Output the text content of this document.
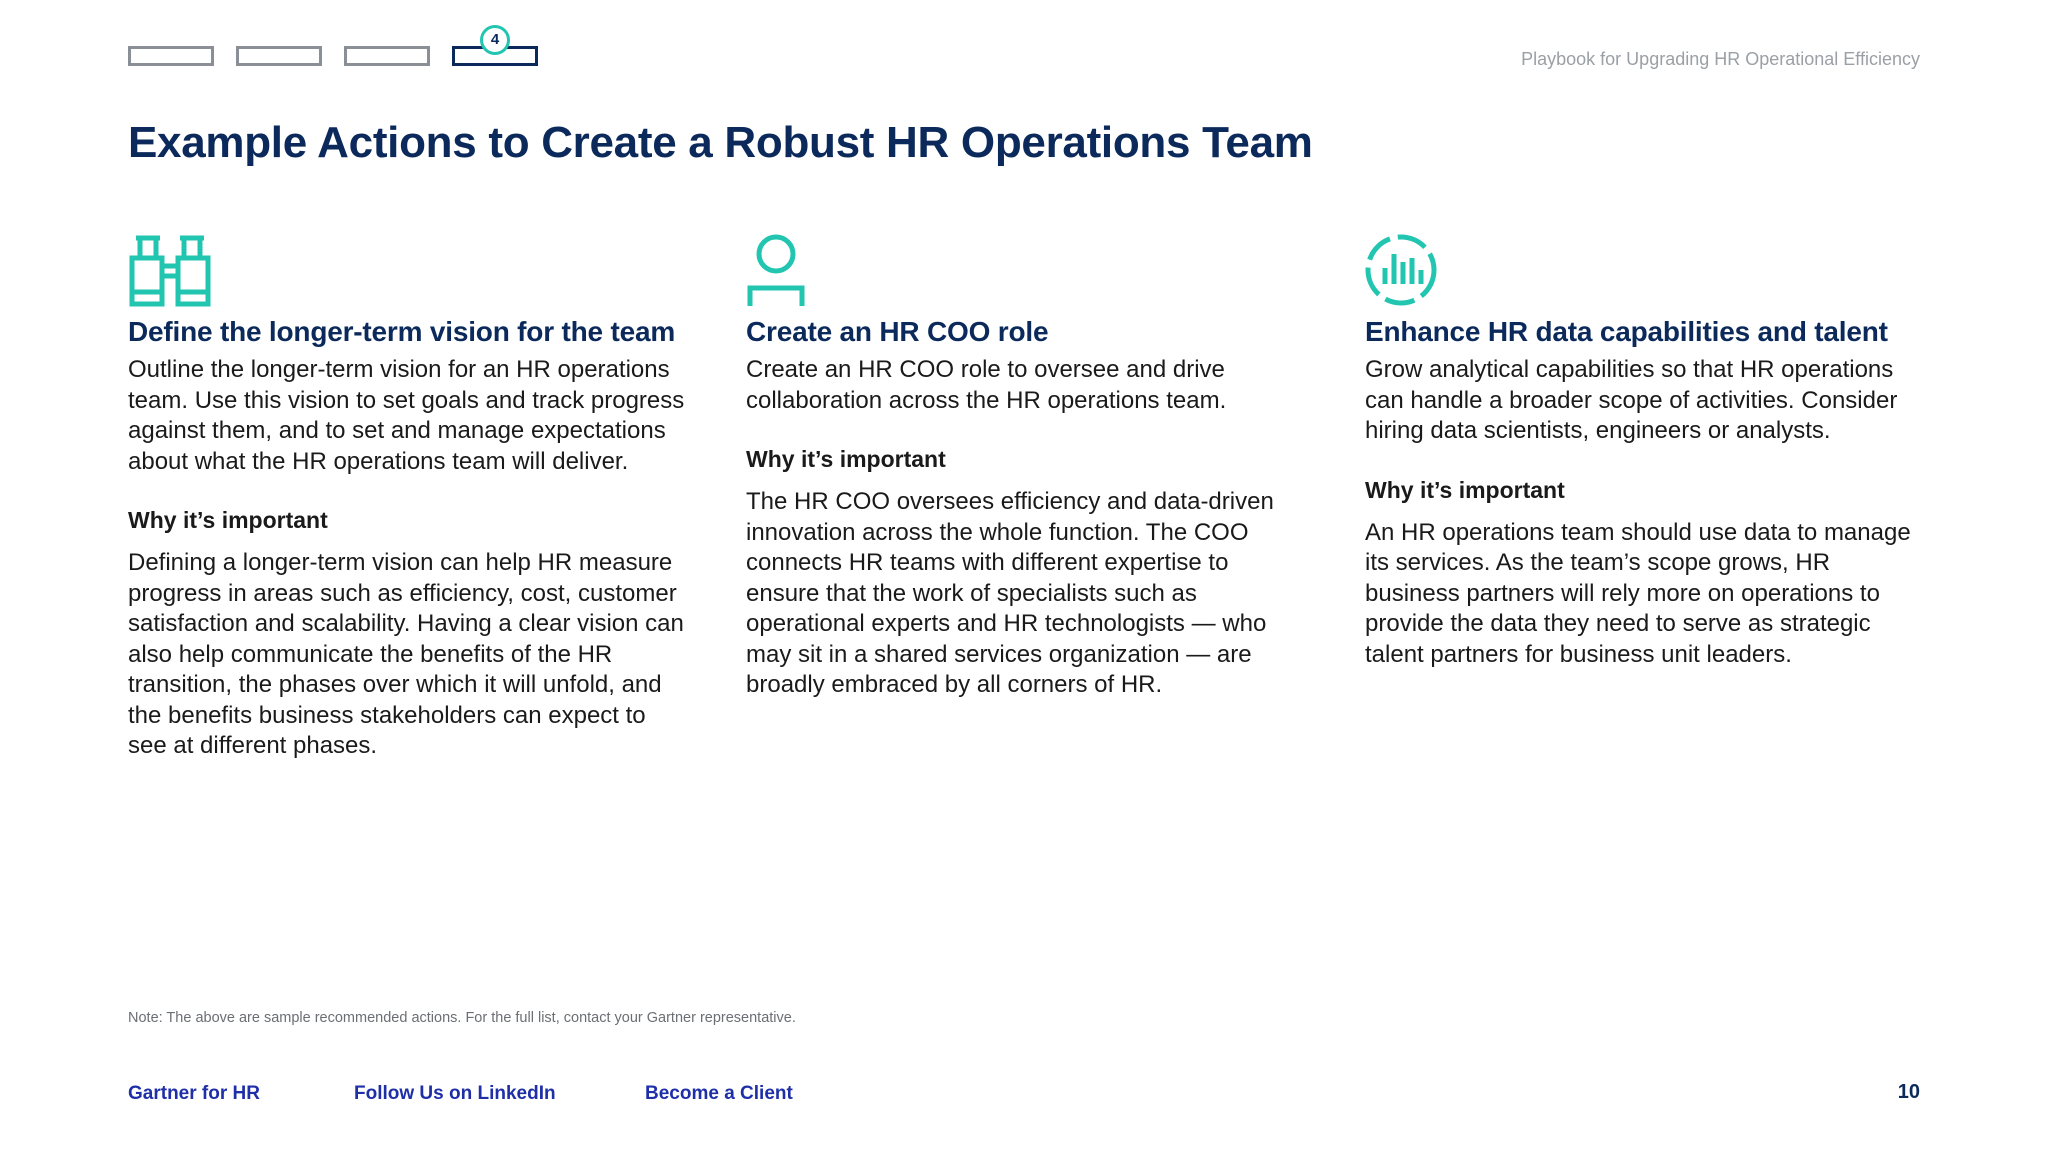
4
Playbook for Upgrading HR Operational Efficiency
Example Actions to Create a Robust HR Operations Team
Define the longer-term vision for the team

Outline the longer-term vision for an HR operations team. Use this vision to set goals and track progress against them, and to set and manage expectations about what the HR operations team will deliver.

Why it’s important

Defining a longer-term vision can help HR measure progress in areas such as efficiency, cost, customer satisfaction and scalability. Having a clear vision can also help communicate the benefits of the HR transition, the phases over which it will unfold, and the benefits business stakeholders can expect to see at different phases.

Create an HR COO role

Create an HR COO role to oversee and drive collaboration across the HR operations team.

Why it’s important

The HR COO oversees efficiency and data-driven innovation across the whole function. The COO connects HR teams with different expertise to ensure that the work of specialists such as operational experts and HR technologists — who may sit in a shared services organization — are broadly embraced by all corners of HR.

Enhance HR data capabilities and talent

Grow analytical capabilities so that HR operations can handle a broader scope of activities. Consider hiring data scientists, engineers or analysts.

Why it’s important

An HR operations team should use data to manage its services. As the team’s scope grows, HR business partners will rely more on operations to provide the data they need to serve as strategic talent partners for business unit leaders.

Note: The above are sample recommended actions. For the full list, contact your Gartner representative.
Gartner for HR	Follow Us on LinkedIn	Become a Client	10
